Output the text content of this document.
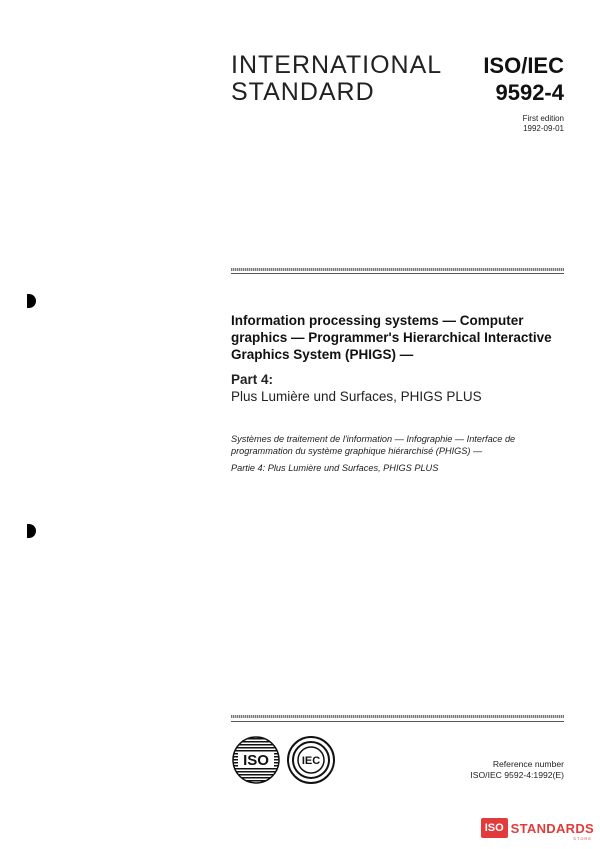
INTERNATIONAL
STANDARD
ISO/IEC
9592-4
First edition
1992-09-01
Information processing systems — Computer graphics — Programmer's Hierarchical Interactive Graphics System (PHIGS) —
Part 4:
Plus Lumière und Surfaces, PHIGS PLUS
Systèmes de traitement de l'information — Infographie — Interface de programmation du système graphique hiérarchisé (PHIGS) —
Partie 4: Plus Lumière und Surfaces, PHIGS PLUS
ISO	IEC	Reference number
ISO/IEC 9592-4:1992(E)
ISO STANDARDS
STORE
